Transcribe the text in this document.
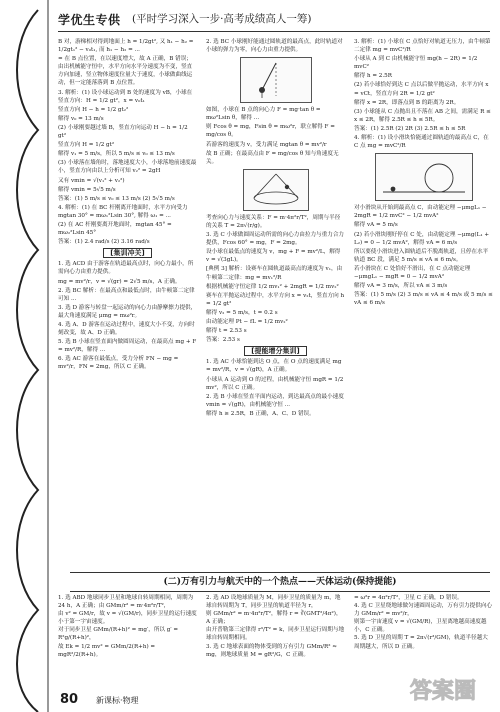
学优生专供 (平时学习深入一步·高考成绩高人一筹)

B 对，游梯相对得到地面上 h = 1/2gt², 又 h₁ − h₂ = 1/2gt₁² − v₀t₁, 而 h₁ − h₂ = ...

= 在 B 点位置，在以速度增大，故 A 正确，B 错误；由出机械能守恒中，水平方向水平分速度为不变，竖直方向加速，竖立物体速度位量大于速度，小球做曲线运动，但一定能落落到 B 点位置。

3. 解析：(1) 设小球运动到 B 处的速度为 vB，小球在竖直方向：H = 1/2 gt²，x = v₀t₁

竖直方向 H − h = 1/2 gt₂²

解得 v₀ = 13 m/s

(2) 小球刚要越过墙 B，竖直方向运动 H − h = 1/2 gt²

竖直方向 H = 1/2 gt²

解得 v₁ = 5 m/s，所以 5 m/s ≤ v₀ ≤ 13 m/s

(3) 小球落在墙角时，落地速度大小，小球落地前速度最小，竖直方向由以上分析可知 v₂² = 2gH

又有 vmin = √(v₁² + v₂²)

解得 vmin = 5√5 m/s

答案：(1) 5 m/s ≤ v₀ ≤ 13 m/s (2) 5√5 m/s

4. 解析：(1) 在 BC 杆刚离开地面时，水平方向受力 mgtan 30° = mω₁²Lsin 30°, 解得 ω₁ = ...

(2) 在 AC 杆刚要离开地面时，mgtan 45° = mω₂²Lsin 45°

答案：(1) 2.4 rad/s (2) 3.16 rad/s

[集训冲关]

1. 选 ACD 由于游客在轨道最高点时，向心力最小，所需向心力由重力提供。

mg = mv²/r，v = √(gr) = 2√5 m/s，A 正确。

2. 选 BC 解析：在最高点和最低点时，由牛顿第二定律可知 ...

3. 选 D 游客与转盘一起运动的向心力由静摩擦力提供，最大角速度满足 μmg = mω²r。

4. 选 A、D 游客在运动过程中，速度大小不变，方向时刻改变，故 A、D 正确。

5. 选 B 小球在竖直面内做圆周运动，在最高点 mg + F = mv²/R，解得 ...

6. 选 AC 游客在最低点，受力分析 FN − mg = mv²/r，FN = 2mg，所以 C 正确。

2. 选 BC 小球刚好能通过圆轨道的最高点，此时轨道对小球的弹力为零，向心力由重力提供。

如图，小球在 B 点的向心力 F = mg·tan θ = mω²Lsin θ，解得 ...

则 Fcos θ = mg，Fsin θ = mω²r，联立解得 F = mg/cos θ。

若游客的速度为 v，受力满足 mgtan θ = mv²/r

故 B 正确；在最高点由 F = mg/cos θ 知与角速度无关。

考查向心力与速度关系：F = m·4π²r/T²，周期与半径的关系 T = 2π√(r/g)。

3. 选 C 小球做圆周运动所需的向心力由拉力与重力合力提供，Fcos 60° = mg，F = 2mg。

设小球在最低点的速度为 v，mg + F = mv²/L，解得 v = √(3gL)。

[典例 3] 解析：设赛车在圆轨道最高点的速度为 v₁，由牛顿第二定律：mg = mv₁²/R

根据机械能守恒定律 1/2 mv₁² + 2mgR = 1/2 mv₂²

赛车在平抛运动过程中，水平方向 x = v₂t，竖直方向 h = 1/2 gt²

解得 v₂ = 5 m/s，t = 0.2 s

由动能定理 Pt − fL = 1/2 mv₂²

解得 t = 2.53 s

答案：2.53 s

[提能增分集训]

1. 选 AC 小球恰能到达 O 点，在 O 点的速度满足 mg = mv²/R，v = √(gR)，A 正确。

小球从 A 运动到 O 的过程，由机械能守恒 mgR = 1/2 mv²，所以 C 正确。

2. 选 B 小球在竖直平面内运动，到达最高点的最小速度 vmin = √(gR)，由机械能守恒 ...

解得 h ≥ 2.5R，B 正确，A、C、D 错误。

3. 解析：(1) 小球在 C 点恰好对轨道无压力，由牛顿第二定律 mg = mvC²/R

小球从 A 到 C 由机械能守恒 mg(h − 2R) = 1/2 mvC²

解得 h = 2.5R

(2) 若小球恰好到达 C 点以后做平抛运动，水平方向 x = vCt，竖直方向 2R = 1/2 gt²

解得 x = 2R，即落点到 B 的距离为 2R。

(3) 小球能从 C 点抛出且不落在 AB 之间，需满足 R ≤ x ≤ 2R，解得 2.5R ≤ h ≤ 5R。

答案：(1) 2.5R (2) 2R (3) 2.5R ≤ h ≤ 5R

4. 解析：(1) 设小滑块恰能通过圆轨道的最高点 C，在 C 点 mg = mvC²/R

对小滑块从开始到最高点 C，由动能定理 −μmgL₁ − 2mgR = 1/2 mvC² − 1/2 mvA²

解得 vA = 5 m/s

(2) 若小滑块刚好停在 C 处，由动能定理 −μmg(L₁ + L₂) = 0 − 1/2 mvA²，解得 vA = 6 m/s

所以要使小滑块进入圆轨道后不脱离轨道，且停在水平轨道 BC 段，满足 5 m/s ≤ vA ≤ 6 m/s。

若小滑块在 C 处恰好不滑出，在 C 点动能定理 −μmgL₁ − mgR = 0 − 1/2 mvA²

解得 vA = 3 m/s，所以 vA ≤ 3 m/s

答案：(1) 5 m/s (2) 3 m/s ≤ vA ≤ 4 m/s 或 5 m/s ≤ vA ≤ 6 m/s

(二)万有引力与航天中的一个热点——天体运动(保持提能)

1. 选 ABD 地球同步卫星和地球自转周期相同，周期为 24 h，A 正确；由 GMm/r² = m·4π²r/T²，

由 v² = GM/r，故 v = √(GM/r)，同步卫星的运行速度小于第一宇宙速度。

对于同步卫星 GMm/(R+h)² = mg′，所以 g′ = R²g/(R+h)²，

故 Ek = 1/2 mv² = GMm/2(R+h) = mgR²/2(R+h)。

2. 选 AD 设地球质量为 M，同步卫星的质量为 m，地球自转周期为 T，同步卫星的轨道半径为 r，

则 GMm/r² = m·4π²r/T²，解得 r = ∛(GMT²/4π²)，A 正确；

由开普勒第三定律得 r³/T² = k，同步卫星运行周期与地球自转周期相同。

3. 选 C 地球表面的物体受到的万有引力 GMm/R² ≈ mg，则地球质量 M = gR²/G，C 正确。

= ω²r = 4π²r/T²，卫星 C 正确，D 错误。

4. 选 C 卫星绕地球做匀速圆周运动，万有引力提供向心力 GMm/r² = mv²/r，

则第一宇宙速度 v = √(GM/R)，卫星离地越高速度越小，C 正确。

5. 选 D 卫星的周期 T = 2π√(r³/GM)，轨道半径越大周期越大，所以 D 正确。

答案圈
80 新课标·物理
